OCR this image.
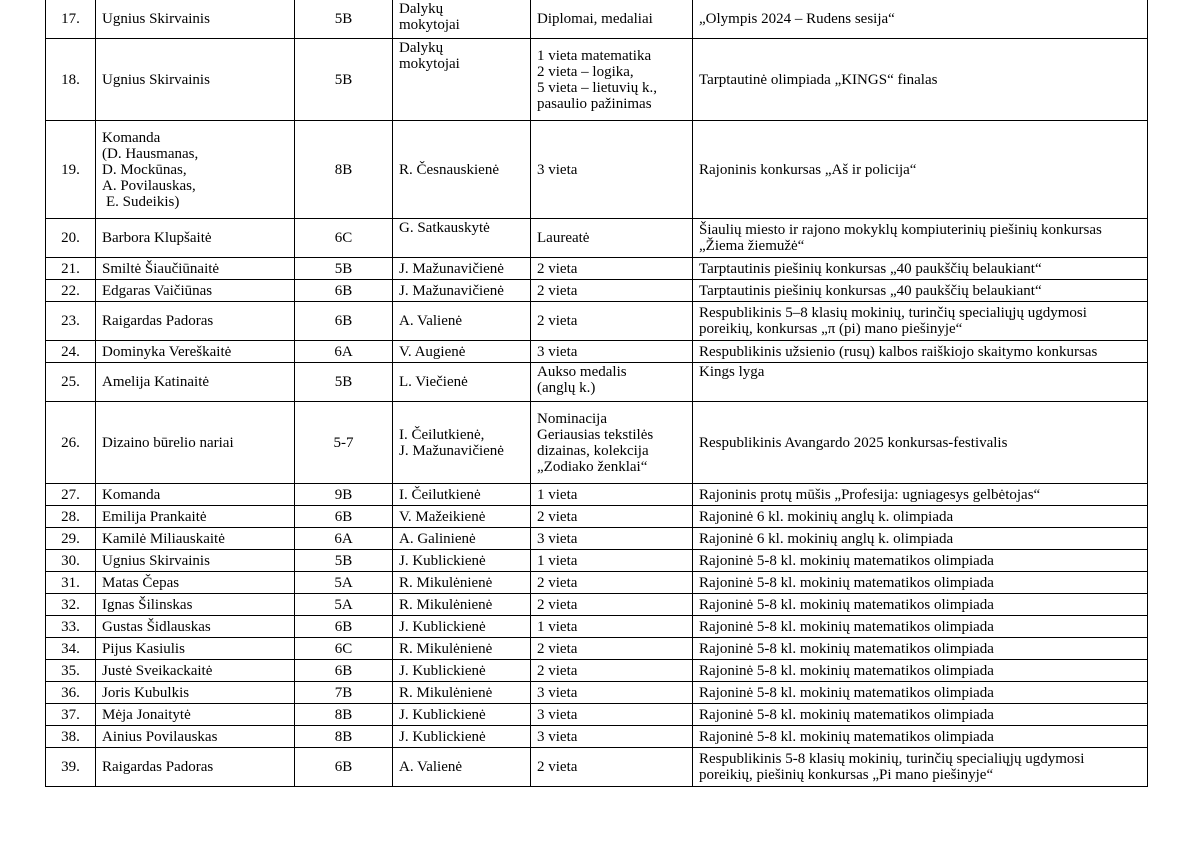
17.	Ugnius Skirvainis	5B	Dalykų
mokytojai	Diplomai, medaliai	„Olympis 2024 – Rudens sesija“

18.	Ugnius Skirvainis	5B	Dalykų
mokytojai	1 vieta matematika
2 vieta – logika,
5 vieta – lietuvių k.,
pasaulio pažinimas	Tarptautinė olimpiada „KINGS“ finalas

19.	Komanda
(D. Hausmanas,
D. Mockūnas,
A. Povilauskas,
E. Sudeikis)	8B	R. Česnauskienė	3 vieta	Rajoninis konkursas „Aš ir policija“

20.	Barbora Klupšaitė	6C	G. Satkauskytė	Laureatė	Šiaulių miesto ir rajono mokyklų kompiuterinių piešinių konkursas
„Žiema žiemužė“

21.	Smiltė Šiaučiūnaitė	5B	J. Mažunavičienė	2 vieta	Tarptautinis piešinių konkursas „40 paukščių belaukiant“

22.	Edgaras Vaičiūnas	6B	J. Mažunavičienė	2 vieta	Tarptautinis piešinių konkursas „40 paukščių belaukiant“

23.	Raigardas Padoras	6B	A. Valienė	2 vieta	Respublikinis 5–8 klasių mokinių, turinčių specialiųjų ugdymosi
poreikių, konkursas „π (pi) mano piešinyje“

24.	Dominyka Vereškaitė	6A	V. Augienė	3 vieta	Respublikinis užsienio (rusų) kalbos raiškiojo skaitymo konkursas

25.	Amelija Katinaitė	5B	L. Viečienė	Aukso medalis
(anglų k.)	Kings lyga

26.	Dizaino būrelio nariai	5-7	I. Čeilutkienė,
J. Mažunavičienė	Nominacija
Geriausias tekstilės
dizainas, kolekcija
„Zodiako ženklai“	Respublikinis Avangardo 2025 konkursas-festivalis

27.	Komanda	9B	I. Čeilutkienė	1 vieta	Rajoninis protų mūšis „Profesija: ugniagesys gelbėtojas“

28.	Emilija Prankaitė	6B	V. Mažeikienė	2 vieta	Rajoninė 6 kl. mokinių anglų k. olimpiada

29.	Kamilė Miliauskaitė	6A	A. Galinienė	3 vieta	Rajoninė 6 kl. mokinių anglų k. olimpiada

30.	Ugnius Skirvainis	5B	J. Kublickienė	1 vieta	Rajoninė 5-8 kl. mokinių matematikos olimpiada

31.	Matas Čepas	5A	R. Mikulėnienė	2 vieta	Rajoninė 5-8 kl. mokinių matematikos olimpiada

32.	Ignas Šilinskas	5A	R. Mikulėnienė	2 vieta	Rajoninė 5-8 kl. mokinių matematikos olimpiada

33.	Gustas Šidlauskas	6B	J. Kublickienė	1 vieta	Rajoninė 5-8 kl. mokinių matematikos olimpiada

34.	Pijus Kasiulis	6C	R. Mikulėnienė	2 vieta	Rajoninė 5-8 kl. mokinių matematikos olimpiada

35.	Justė Sveikackaitė	6B	J. Kublickienė	2 vieta	Rajoninė 5-8 kl. mokinių matematikos olimpiada

36.	Joris Kubulkis	7B	R. Mikulėnienė	3 vieta	Rajoninė 5-8 kl. mokinių matematikos olimpiada

37.	Mėja Jonaitytė	8B	J. Kublickienė	3 vieta	Rajoninė 5-8 kl. mokinių matematikos olimpiada

38.	Ainius Povilauskas	8B	J. Kublickienė	3 vieta	Rajoninė 5-8 kl. mokinių matematikos olimpiada

39.	Raigardas Padoras	6B	A. Valienė	2 vieta	Respublikinis 5-8 klasių mokinių, turinčių specialiųjų ugdymosi
poreikių, piešinių konkursas „Pi mano piešinyje“
